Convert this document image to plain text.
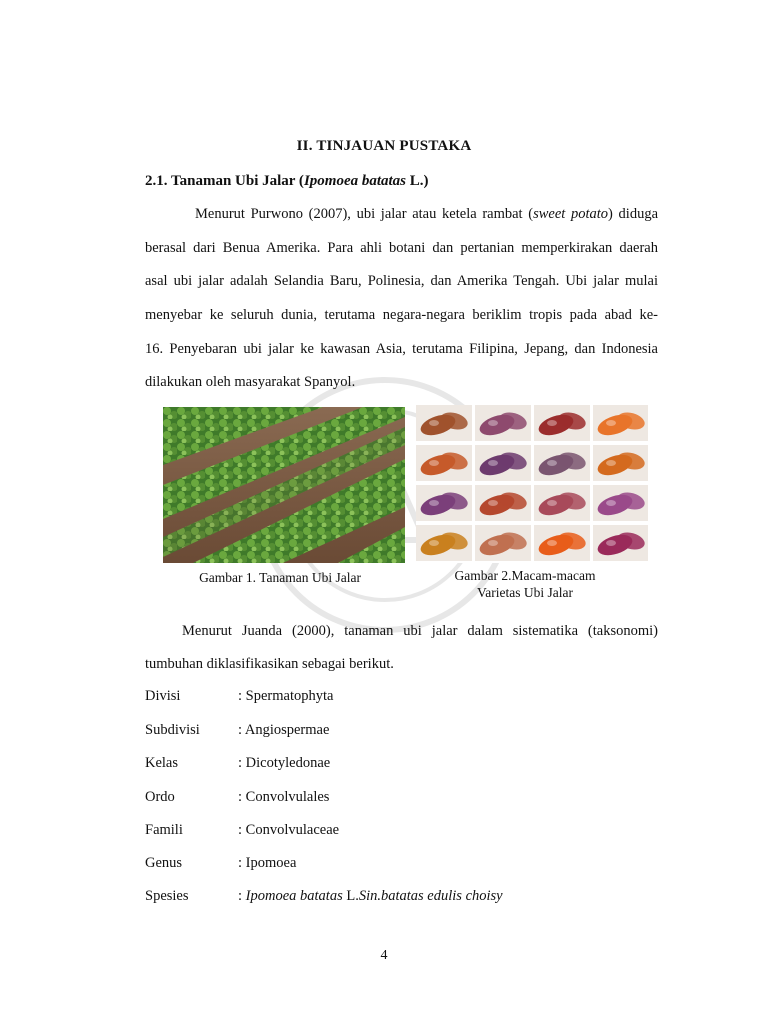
II. TINJAUAN PUSTAKA
2.1. Tanaman Ubi Jalar (Ipomoea batatas L.)
Menurut Purwono (2007), ubi jalar atau ketela rambat (sweet potato) diduga
berasal dari Benua Amerika. Para ahli botani dan pertanian memperkirakan daerah
asal ubi jalar adalah Selandia Baru, Polinesia, dan Amerika Tengah. Ubi jalar mulai
menyebar ke seluruh dunia, terutama negara-negara beriklim tropis pada abad ke-
16. Penyebaran ubi jalar ke kawasan Asia, terutama Filipina, Jepang, dan Indonesia
dilakukan oleh masyarakat Spanyol.
Gambar 1. Tanaman Ubi Jalar	Gambar 2.Macam-macam
Varietas Ubi Jalar
Menurut Juanda (2000), tanaman ubi jalar dalam sistematika (taksonomi)
tumbuhan diklasifikasikan sebagai berikut.
Divisi	: Spermatophyta
Subdivisi	: Angiospermae
Kelas	: Dicotyledonae
Ordo	: Convolvulales
Famili	: Convolvulaceae
Genus	: Ipomoea
Spesies	: Ipomoea batatas L.Sin.batatas edulis choisy
4
